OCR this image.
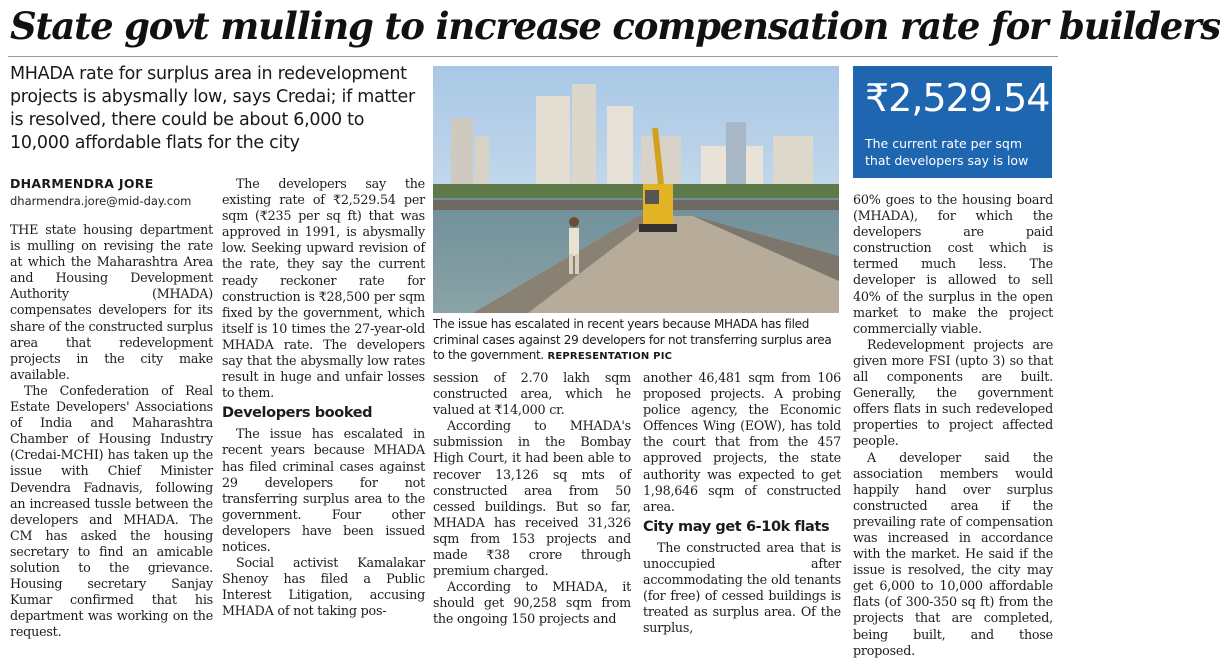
State govt mulling to increase compensation rate for builders
MHADA rate for surplus area in redevelopment projects is abysmally low, says Credai; if matter is resolved, there could be about 6,000 to 10,000 affordable flats for the city
DHARMENDRA JORE
dharmendra.jore@mid-day.com

THE state housing department is mulling on revising the rate at which the Maharashtra Area and Housing Development Authority (MHADA) compensates developers for its share of the constructed surplus area that redevelopment projects in the city make available.

The Confederation of Real Estate Developers' Associations of India and Maharashtra Chamber of Housing Industry (Credai-MCHI) has taken up the issue with Chief Minister Devendra Fadnavis, following an increased tussle between the developers and MHADA. The CM has asked the housing secretary to find an amicable solution to the grievance. Housing secretary Sanjay Kumar confirmed that his department was working on the request.

The developers say the existing rate of ₹2,529.54 per sqm (₹235 per sq ft) that was approved in 1991, is abysmally low. Seeking upward revision of the rate, they say the current ready reckoner rate for construction is ₹28,500 per sqm fixed by the government, which itself is 10 times the 27-year-old MHADA rate. The developers say that the abysmally low rates result in huge and unfair losses to them.

Developers booked

The issue has escalated in recent years because MHADA has filed criminal cases against 29 developers for not transferring surplus area to the government. Four other developers have been issued notices.

Social activist Kamalakar Shenoy has filed a Public Interest Litigation, accusing MHADA of not taking pos-

The issue has escalated in recent years because MHADA has filed criminal cases against 29 developers for not transferring surplus area to the government. REPRESENTATION PIC

session of 2.70 lakh sqm constructed area, which he valued at ₹14,000 cr.

According to MHADA's submission in the Bombay High Court, it had been able to recover 13,126 sq mts of constructed area from 50 cessed buildings. But so far, MHADA has received 31,326 sqm from 153 projects and made ₹38 crore through premium charged.

According to MHADA, it should get 90,258 sqm from the ongoing 150 projects and

another 46,481 sqm from 106 proposed projects. A probing police agency, the Economic Offences Wing (EOW), has told the court that from the 457 approved projects, the state authority was expected to get 1,98,646 sqm of constructed area.

City may get 6-10k flats

The constructed area that is unoccupied after accommodating the old tenants (for free) of cessed buildings is treated as surplus area. Of the surplus,

₹2,529.54
The current rate per sqm that developers say is low

60% goes to the housing board (MHADA), for which the developers are paid construction cost which is termed much less. The developer is allowed to sell 40% of the surplus in the open market to make the project commercially viable.

Redevelopment projects are given more FSI (upto 3) so that all components are built. Generally, the government offers flats in such redeveloped properties to project affected people.

A developer said the association members would happily hand over surplus constructed area if the prevailing rate of compensation was increased in accordance with the market. He said if the issue is resolved, the city may get 6,000 to 10,000 affordable flats (of 300-350 sq ft) from the projects that are completed, being built, and those proposed.
